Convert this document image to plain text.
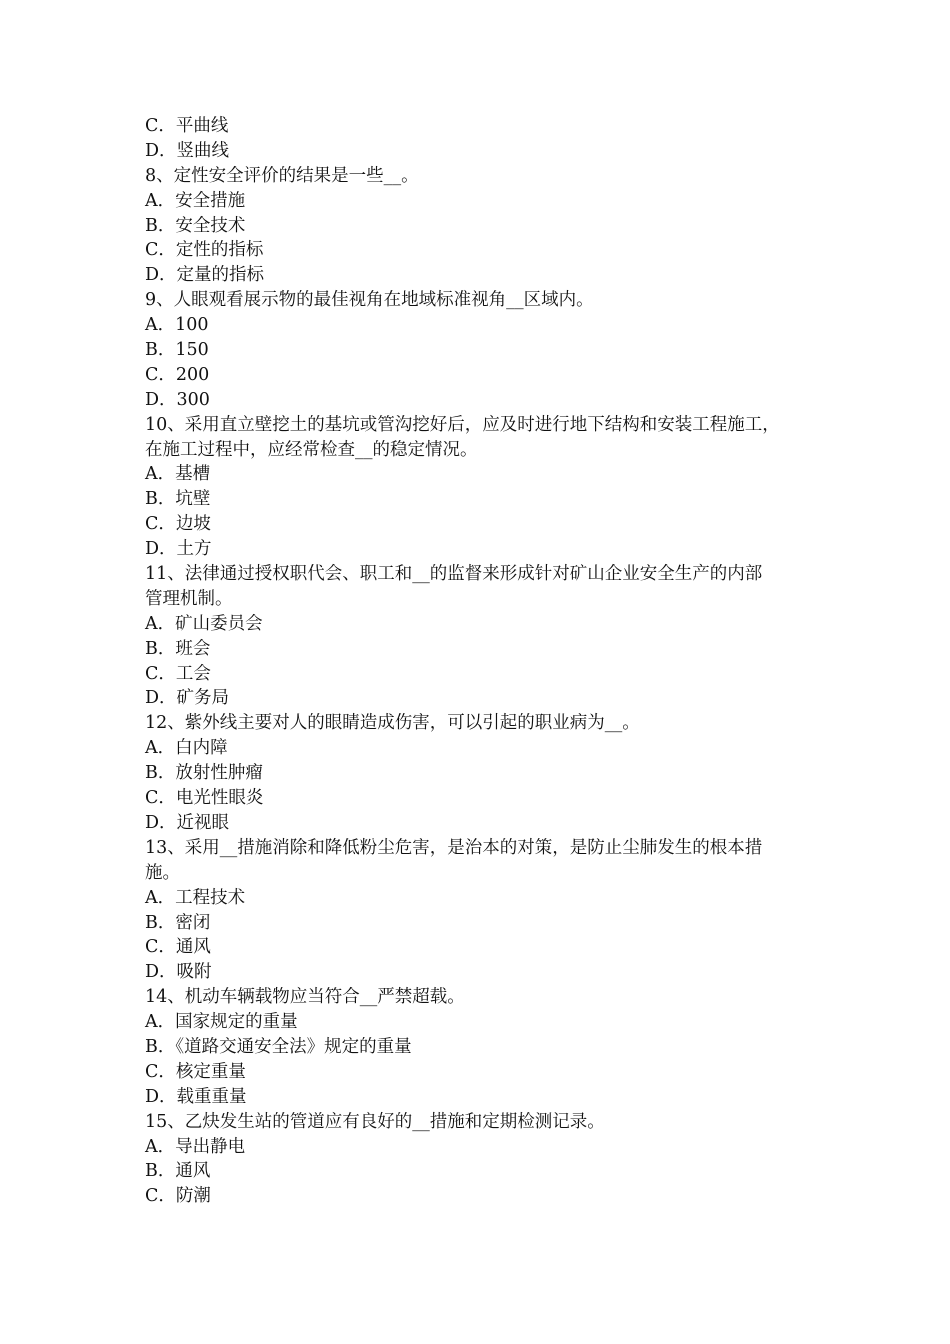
C．平曲线
D．竖曲线
8、定性安全评价的结果是一些__。
A．安全措施
B．安全技术
C．定性的指标
D．定量的指标
9、人眼观看展示物的最佳视角在地域标准视角__区域内。
A．100
B．150
C．200
D．300
10、采用直立壁挖土的基坑或管沟挖好后，应及时进行地下结构和安装工程施工，
在施工过程中，应经常检查__的稳定情况。
A．基槽
B．坑壁
C．边坡
D．土方
11、法律通过授权职代会、职工和__的监督来形成针对矿山企业安全生产的内部
管理机制。
A．矿山委员会
B．班会
C．工会
D．矿务局
12、紫外线主要对人的眼睛造成伤害，可以引起的职业病为__。
A．白内障
B．放射性肿瘤
C．电光性眼炎
D．近视眼
13、采用__措施消除和降低粉尘危害，是治本的对策，是防止尘肺发生的根本措
施。
A．工程技术
B．密闭
C．通风
D．吸附
14、机动车辆载物应当符合__严禁超载。
A．国家规定的重量
B．《道路交通安全法》规定的重量
C．核定重量
D．载重重量
15、乙炔发生站的管道应有良好的__措施和定期检测记录。
A．导出静电
B．通风
C．防潮
